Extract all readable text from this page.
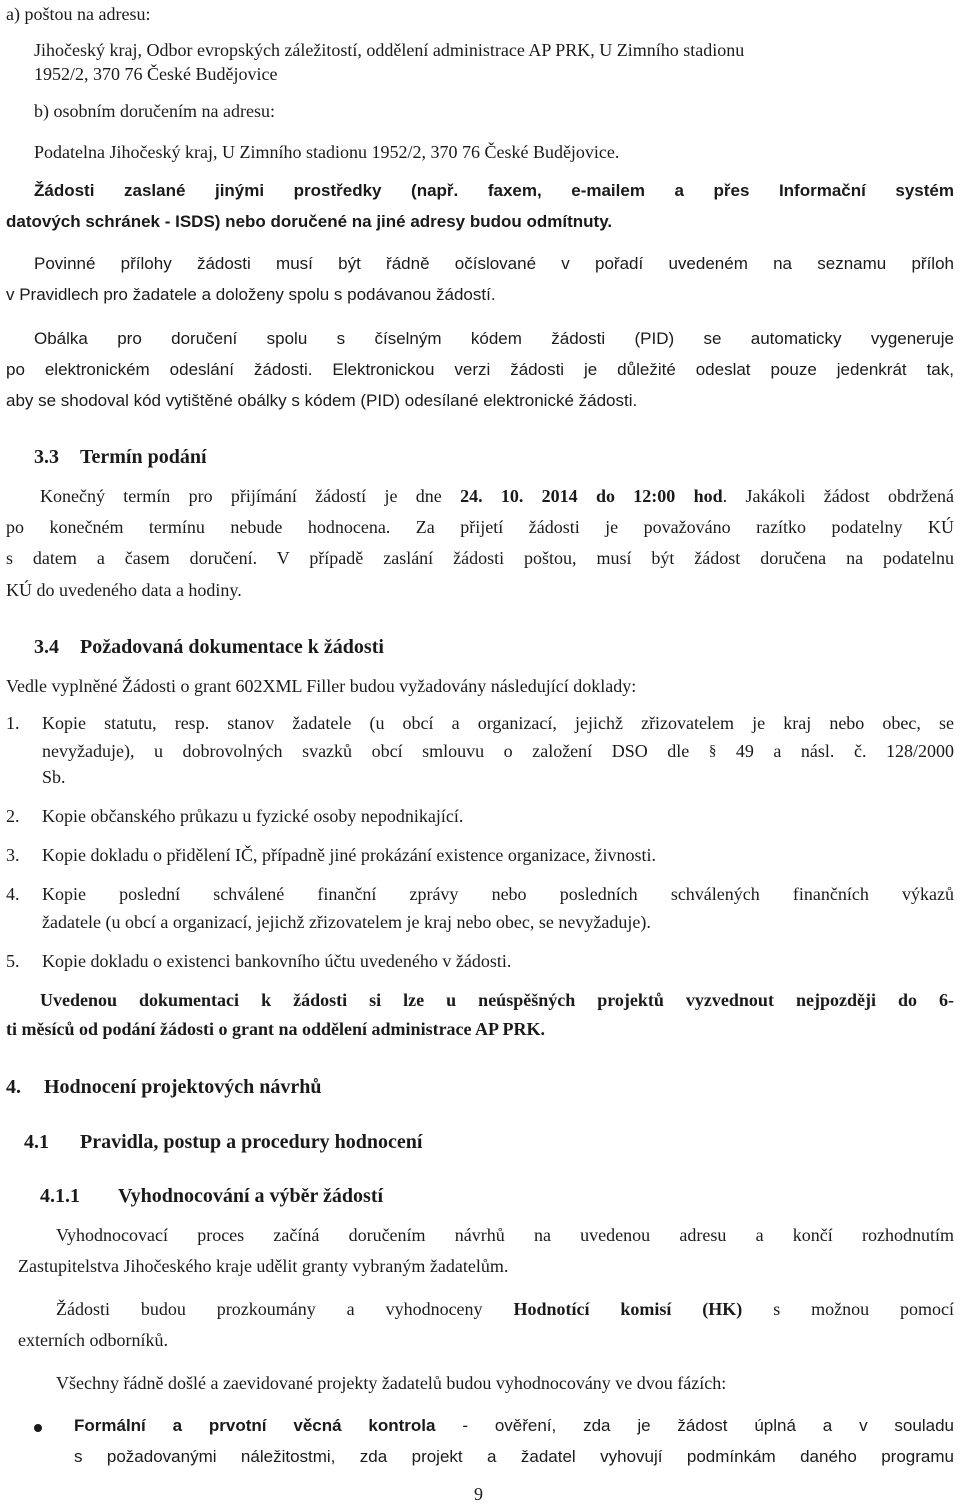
a) poštou na adresu:
Jihočeský kraj, Odbor evropských záležitostí, oddělení administrace AP PRK, U Zimního stadionu
1952/2, 370 76 České Budějovice
b) osobním doručením na adresu:
Podatelna Jihočeský kraj, U Zimního stadionu 1952/2, 370 76 České Budějovice.
Žádosti zaslané jinými prostředky (např. faxem, e-mailem a přes Informační systém
datových schránek - ISDS) nebo doručené na jiné adresy budou odmítnuty.
Povinné přílohy žádosti musí být řádně očíslované v pořadí uvedeném na seznamu příloh
v Pravidlech pro žadatele a doloženy spolu s podávanou žádostí.
Obálka pro doručení spolu s číselným kódem žádosti (PID) se automaticky vygeneruje
po elektronickém odeslání žádosti. Elektronickou verzi žádosti je důležité odeslat pouze jedenkrát tak,
aby se shodoval kód vytištěné obálky s kódem (PID) odesílané elektronické žádosti.
3.3 Termín podání
Konečný termín pro přijímání žádostí je dne 24. 10. 2014 do 12:00 hod. Jakákoli žádost obdržená
po konečném termínu nebude hodnocena. Za přijetí žádosti je považováno razítko podatelny KÚ
s datem a časem doručení. V případě zaslání žádosti poštou, musí být žádost doručena na podatelnu
KÚ do uvedeného data a hodiny.
3.4 Požadovaná dokumentace k žádosti
Vedle vyplněné Žádosti o grant 602XML Filler budou vyžadovány následující doklady:
1. Kopie statutu, resp. stanov žadatele (u obcí a organizací, jejichž zřizovatelem je kraj nebo obec, se
nevyžaduje), u dobrovolných svazků obcí smlouvu o založení DSO dle § 49 a násl. č. 128/2000
Sb.
2. Kopie občanského průkazu u fyzické osoby nepodnikající.
3. Kopie dokladu o přidělení IČ, případně jiné prokázání existence organizace, živnosti.
4. Kopie poslední schválené finanční zprávy nebo posledních schválených finančních výkazů
žadatele (u obcí a organizací, jejichž zřizovatelem je kraj nebo obec, se nevyžaduje).
5. Kopie dokladu o existenci bankovního účtu uvedeného v žádosti.
Uvedenou dokumentaci k žádosti si lze u neúspěšných projektů vyzvednout nejpozději do 6-
ti měsíců od podání žádosti o grant na oddělení administrace AP PRK.
4. Hodnocení projektových návrhů
4.1 Pravidla, postup a procedury hodnocení
4.1.1 Vyhodnocování a výběr žádostí
Vyhodnocovací proces začíná doručením návrhů na uvedenou adresu a končí rozhodnutím
Zastupitelstva Jihočeského kraje udělit granty vybraným žadatelům.
Žádosti budou prozkoumány a vyhodnoceny Hodnotící komisí (HK) s možnou pomocí
externích odborníků.
Všechny řádně došlé a zaevidované projekty žadatelů budou vyhodnocovány ve dvou fázích:
Formální a prvotní věcná kontrola - ověření, zda je žádost úplná a v souladu
s požadovanými náležitostmi, zda projekt a žadatel vyhovují podmínkám daného programu
9
